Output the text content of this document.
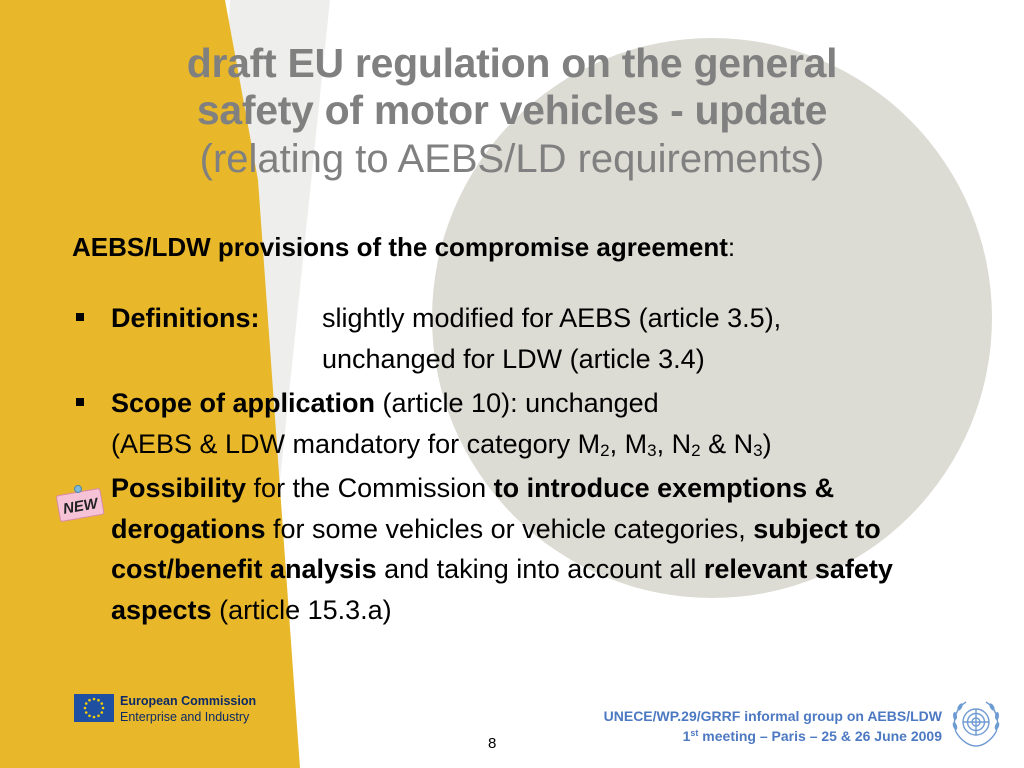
draft EU regulation on the general
safety of motor vehicles - update
(relating to AEBS/LD requirements)
AEBS/LDW provisions of the compromise agreement:
NEW
Definitions:	slightly modified for AEBS (article 3.5),
unchanged for LDW (article 3.4)
Scope of application (article 10): unchanged
(AEBS & LDW mandatory for category $M_2$, $M_3$, $N_2$ & $N_3$)
Possibility for the Commission to introduce exemptions & derogations for some vehicles or vehicle categories, subject to cost/benefit analysis and taking into account all relevant safety aspects (article 15.3.a)
European Commission
Enterprise and Industry	UNECE/WP.29/GRRF informal group on AEBS/LDW
1st meeting – Paris – 25 & 26 June 2009
8
